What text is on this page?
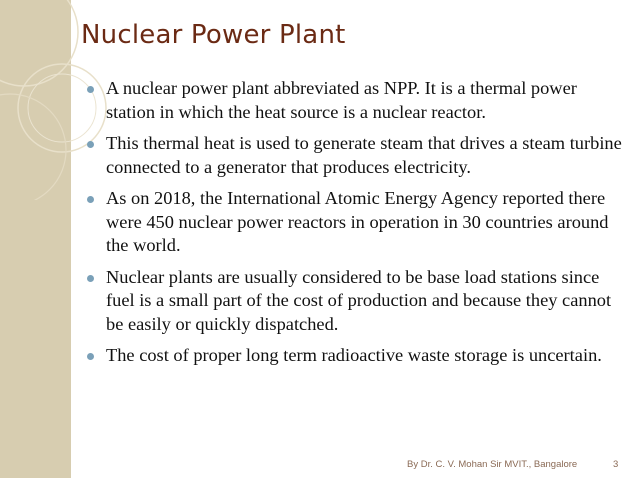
Nuclear Power Plant
A nuclear power plant abbreviated as NPP. It is a thermal power station in which the heat source is a nuclear reactor.
This thermal heat is used to generate steam that drives a steam turbine connected to a generator that produces electricity.
As on 2018, the International Atomic Energy Agency reported there were 450 nuclear power reactors in operation in 30 countries around the world.
Nuclear plants are usually considered to be base load stations since fuel is a small part of the cost of production and because they cannot be easily or quickly dispatched.
The cost of proper long term radioactive waste storage is uncertain.
By Dr. C. V. Mohan Sir MVIT., Bangalore	3
